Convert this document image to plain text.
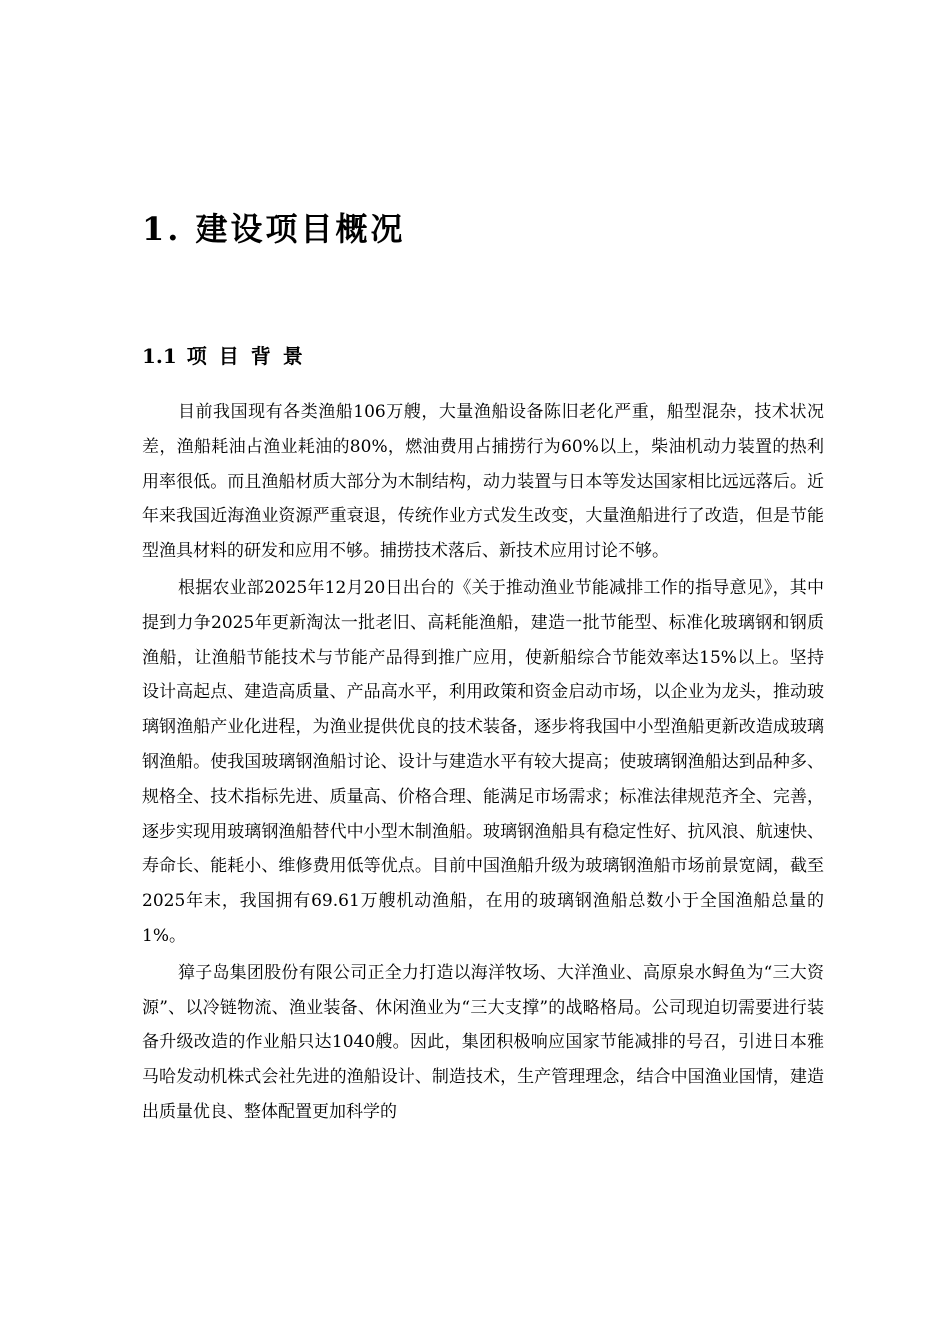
1. 建设项目概况
1.1 项目背景

目前我国现有各类渔船106万艘，大量渔船设备陈旧老化严重，船型混杂，技术状况差，渔船耗油占渔业耗油的80%，燃油费用占捕捞行为60%以上，柴油机动力装置的热利用率很低。而且渔船材质大部分为木制结构，动力装置与日本等发达国家相比远远落后。近年来我国近海渔业资源严重衰退，传统作业方式发生改变，大量渔船进行了改造，但是节能型渔具材料的研发和应用不够。捕捞技术落后、新技术应用讨论不够。

根据农业部2025年12月20日出台的《关于推动渔业节能减排工作的指导意见》，其中提到力争2025年更新淘汰一批老旧、高耗能渔船，建造一批节能型、标准化玻璃钢和钢质渔船，让渔船节能技术与节能产品得到推广应用，使新船综合节能效率达15%以上。坚持设计高起点、建造高质量、产品高水平，利用政策和资金启动市场，以企业为龙头，推动玻璃钢渔船产业化进程，为渔业提供优良的技术装备，逐步将我国中小型渔船更新改造成玻璃钢渔船。使我国玻璃钢渔船讨论、设计与建造水平有较大提高；使玻璃钢渔船达到品种多、规格全、技术指标先进、质量高、价格合理、能满足市场需求；标准法律规范齐全、完善，逐步实现用玻璃钢渔船替代中小型木制渔船。玻璃钢渔船具有稳定性好、抗风浪、航速快、寿命长、能耗小、维修费用低等优点。目前中国渔船升级为玻璃钢渔船市场前景宽阔，截至2025年末，我国拥有69.61万艘机动渔船，在用的玻璃钢渔船总数小于全国渔船总量的1%。

獐子岛集团股份有限公司正全力打造以海洋牧场、大洋渔业、高原泉水鲟鱼为“三大资源”、以冷链物流、渔业装备、休闲渔业为“三大支撑”的战略格局。公司现迫切需要进行装备升级改造的作业船只达1040艘。因此，集团积极响应国家节能减排的号召，引进日本雅马哈发动机株式会社先进的渔船设计、制造技术，生产管理理念，结合中国渔业国情，建造出质量优良、整体配置更加科学的
